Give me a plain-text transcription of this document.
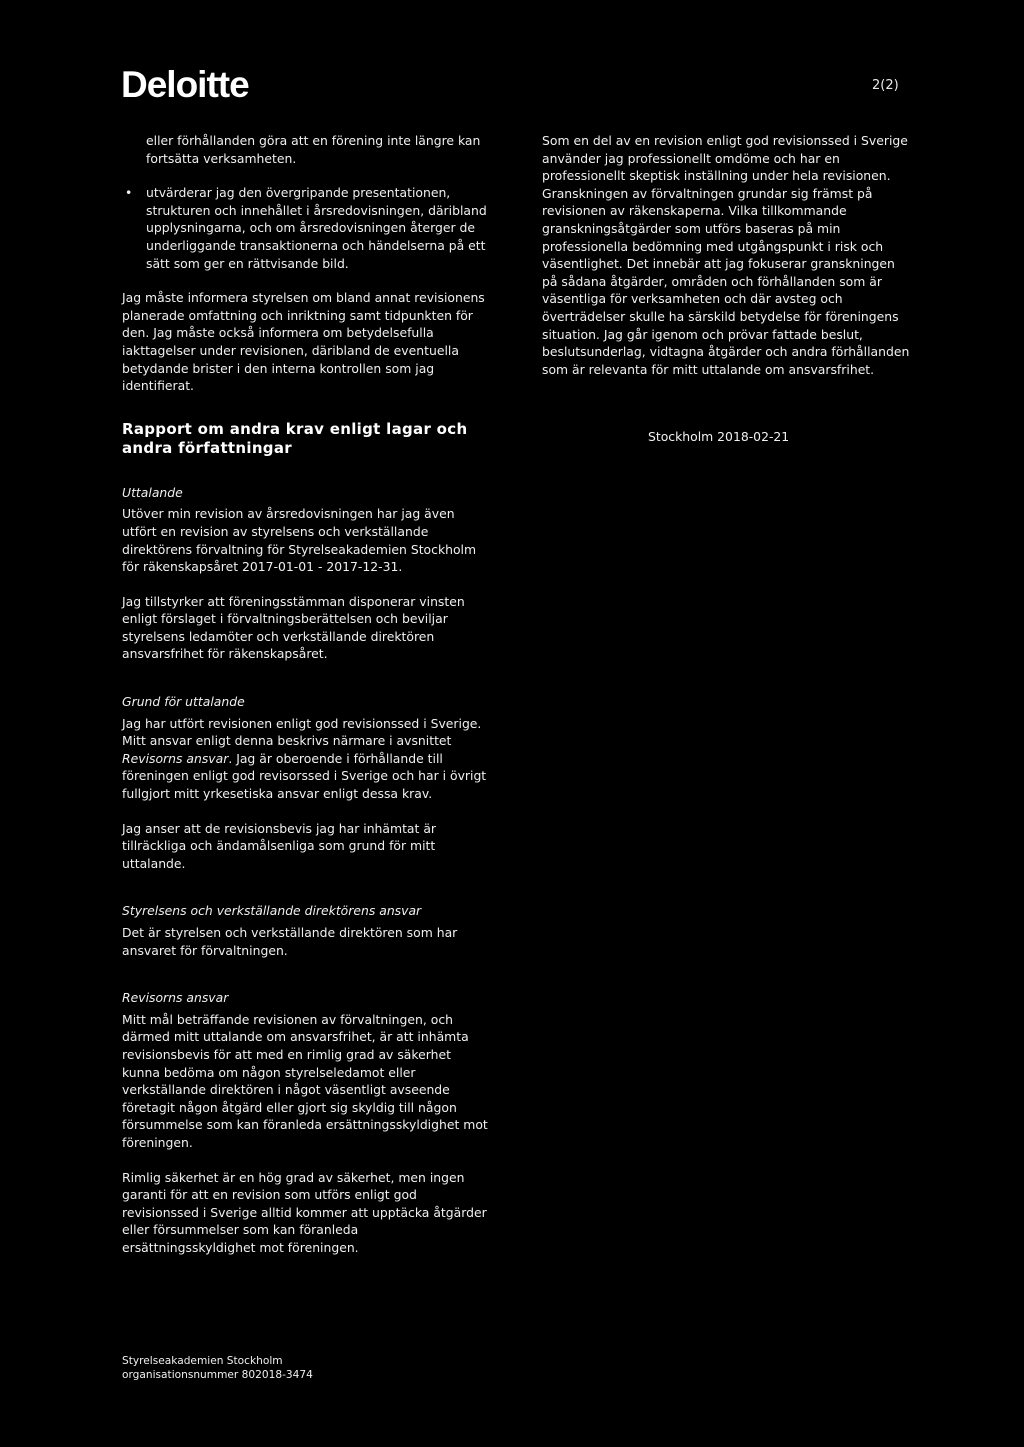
Deloitte	2(2)

eller förhållanden göra att en förening inte längre kan fortsätta verksamheten.

• utvärderar jag den övergripande presentationen, strukturen och innehållet i årsredovisningen, däribland upplysningarna, och om årsredovisningen återger de underliggande transaktionerna och händelserna på ett sätt som ger en rättvisande bild.

Jag måste informera styrelsen om bland annat revisionens planerade omfattning och inriktning samt tidpunkten för den. Jag måste också informera om betydelsefulla iakttagelser under revisionen, däribland de eventuella betydande brister i den interna kontrollen som jag identifierat.

Rapport om andra krav enligt lagar och andra författningar

Uttalande

Utöver min revision av årsredovisningen har jag även utfört en revision av styrelsens och verkställande direktörens förvaltning för Styrelseakademien Stockholm för räkenskapsåret 2017-01-01 - 2017-12-31.

Jag tillstyrker att föreningsstämman disponerar vinsten enligt förslaget i förvaltningsberättelsen och beviljar styrelsens ledamöter och verkställande direktören ansvarsfrihet för räkenskapsåret.

Grund för uttalande

Jag har utfört revisionen enligt god revisionssed i Sverige. Mitt ansvar enligt denna beskrivs närmare i avsnittet Revisorns ansvar. Jag är oberoende i förhållande till föreningen enligt god revisorssed i Sverige och har i övrigt fullgjort mitt yrkesetiska ansvar enligt dessa krav.

Jag anser att de revisionsbevis jag har inhämtat är tillräckliga och ändamålsenliga som grund för mitt uttalande.

Styrelsens och verkställande direktörens ansvar

Det är styrelsen och verkställande direktören som har ansvaret för förvaltningen.

Revisorns ansvar

Mitt mål beträffande revisionen av förvaltningen, och därmed mitt uttalande om ansvarsfrihet, är att inhämta revisionsbevis för att med en rimlig grad av säkerhet kunna bedöma om någon styrelseledamot eller verkställande direktören i något väsentligt avseende företagit någon åtgärd eller gjort sig skyldig till någon försummelse som kan föranleda ersättningsskyldighet mot föreningen.

Rimlig säkerhet är en hög grad av säkerhet, men ingen garanti för att en revision som utförs enligt god revisionssed i Sverige alltid kommer att upptäcka åtgärder eller försummelser som kan föranleda ersättningsskyldighet mot föreningen.

Som en del av en revision enligt god revisionssed i Sverige använder jag professionellt omdöme och har en professionellt skeptisk inställning under hela revisionen. Granskningen av förvaltningen grundar sig främst på revisionen av räkenskaperna. Vilka tillkommande granskningsåtgärder som utförs baseras på min professionella bedömning med utgångspunkt i risk och väsentlighet. Det innebär att jag fokuserar granskningen på sådana åtgärder, områden och förhållanden som är väsentliga för verksamheten och där avsteg och överträdelser skulle ha särskild betydelse för föreningens situation. Jag går igenom och prövar fattade beslut, beslutsunderlag, vidtagna åtgärder och andra förhållanden som är relevanta för mitt uttalande om ansvarsfrihet.

Stockholm 2018-02-21

Styrelseakademien Stockholm

organisationsnummer 802018-3474
